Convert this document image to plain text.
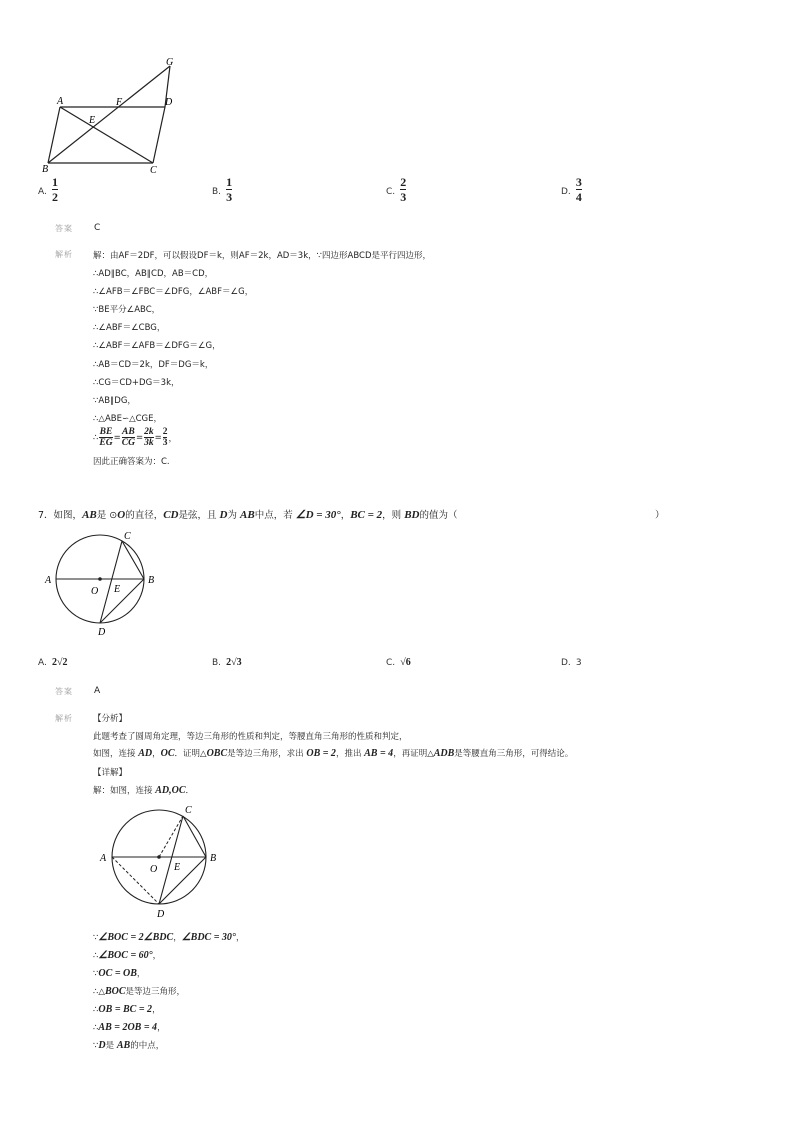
A	F	D
G
E
B	C
A. $\frac{1}{2}$	B. $\frac{1}{3}$	C. $\frac{2}{3}$	D. $\frac{3}{4}$
答案 C
解析 解：由AF＝2DF，可以假设DF＝k，则AF＝2k，AD＝3k，∵四边形ABCD是平行四边形，
∴AD∥BC，AB∥CD，AB＝CD，
∴∠AFB＝∠FBC＝∠DFG，∠ABF＝∠G，
∵BE平分∠ABC，
∴∠ABF＝∠CBG，
∴∠ABF＝∠AFB＝∠DFG＝∠G，
∴AB＝CD＝2k，DF＝DG＝k，
∴CG＝CD+DG＝3k，
∵AB∥DG，
∴△ABE∽△CGE，
∴
BE
EG
=
AB
CG
=
2k
3k
=
2
3 ，
因此正确答案为：C.
7．如图，AB是 ⊙O的直径，CD是弦，且 D为 AB中点，若 ∠D = 30°，BC = 2，则 BD的值为（	）
A	B
C
D
O E
A. 2√2	B. 2√3	C. √6	D. 3
答案 A
解析 【分析】
此题考查了圆周角定理，等边三角形的性质和判定，等腰直角三角形的性质和判定，
如图，连接 AD，OC．证明△OBC是等边三角形，求出 OB = 2，推出 AB = 4，再证明△ADB是等腰直角三角形，可得结论。
【详解】
解：如图，连接 AD,OC．
A	B
C
D
O E
∵∠BOC = 2∠BDC，∠BDC = 30°，
∴∠BOC = 60°，
∵OC = OB，
∴△BOC是等边三角形，
∴OB = BC = 2，
∴AB = 2OB = 4，
∵D是 AB的中点，
